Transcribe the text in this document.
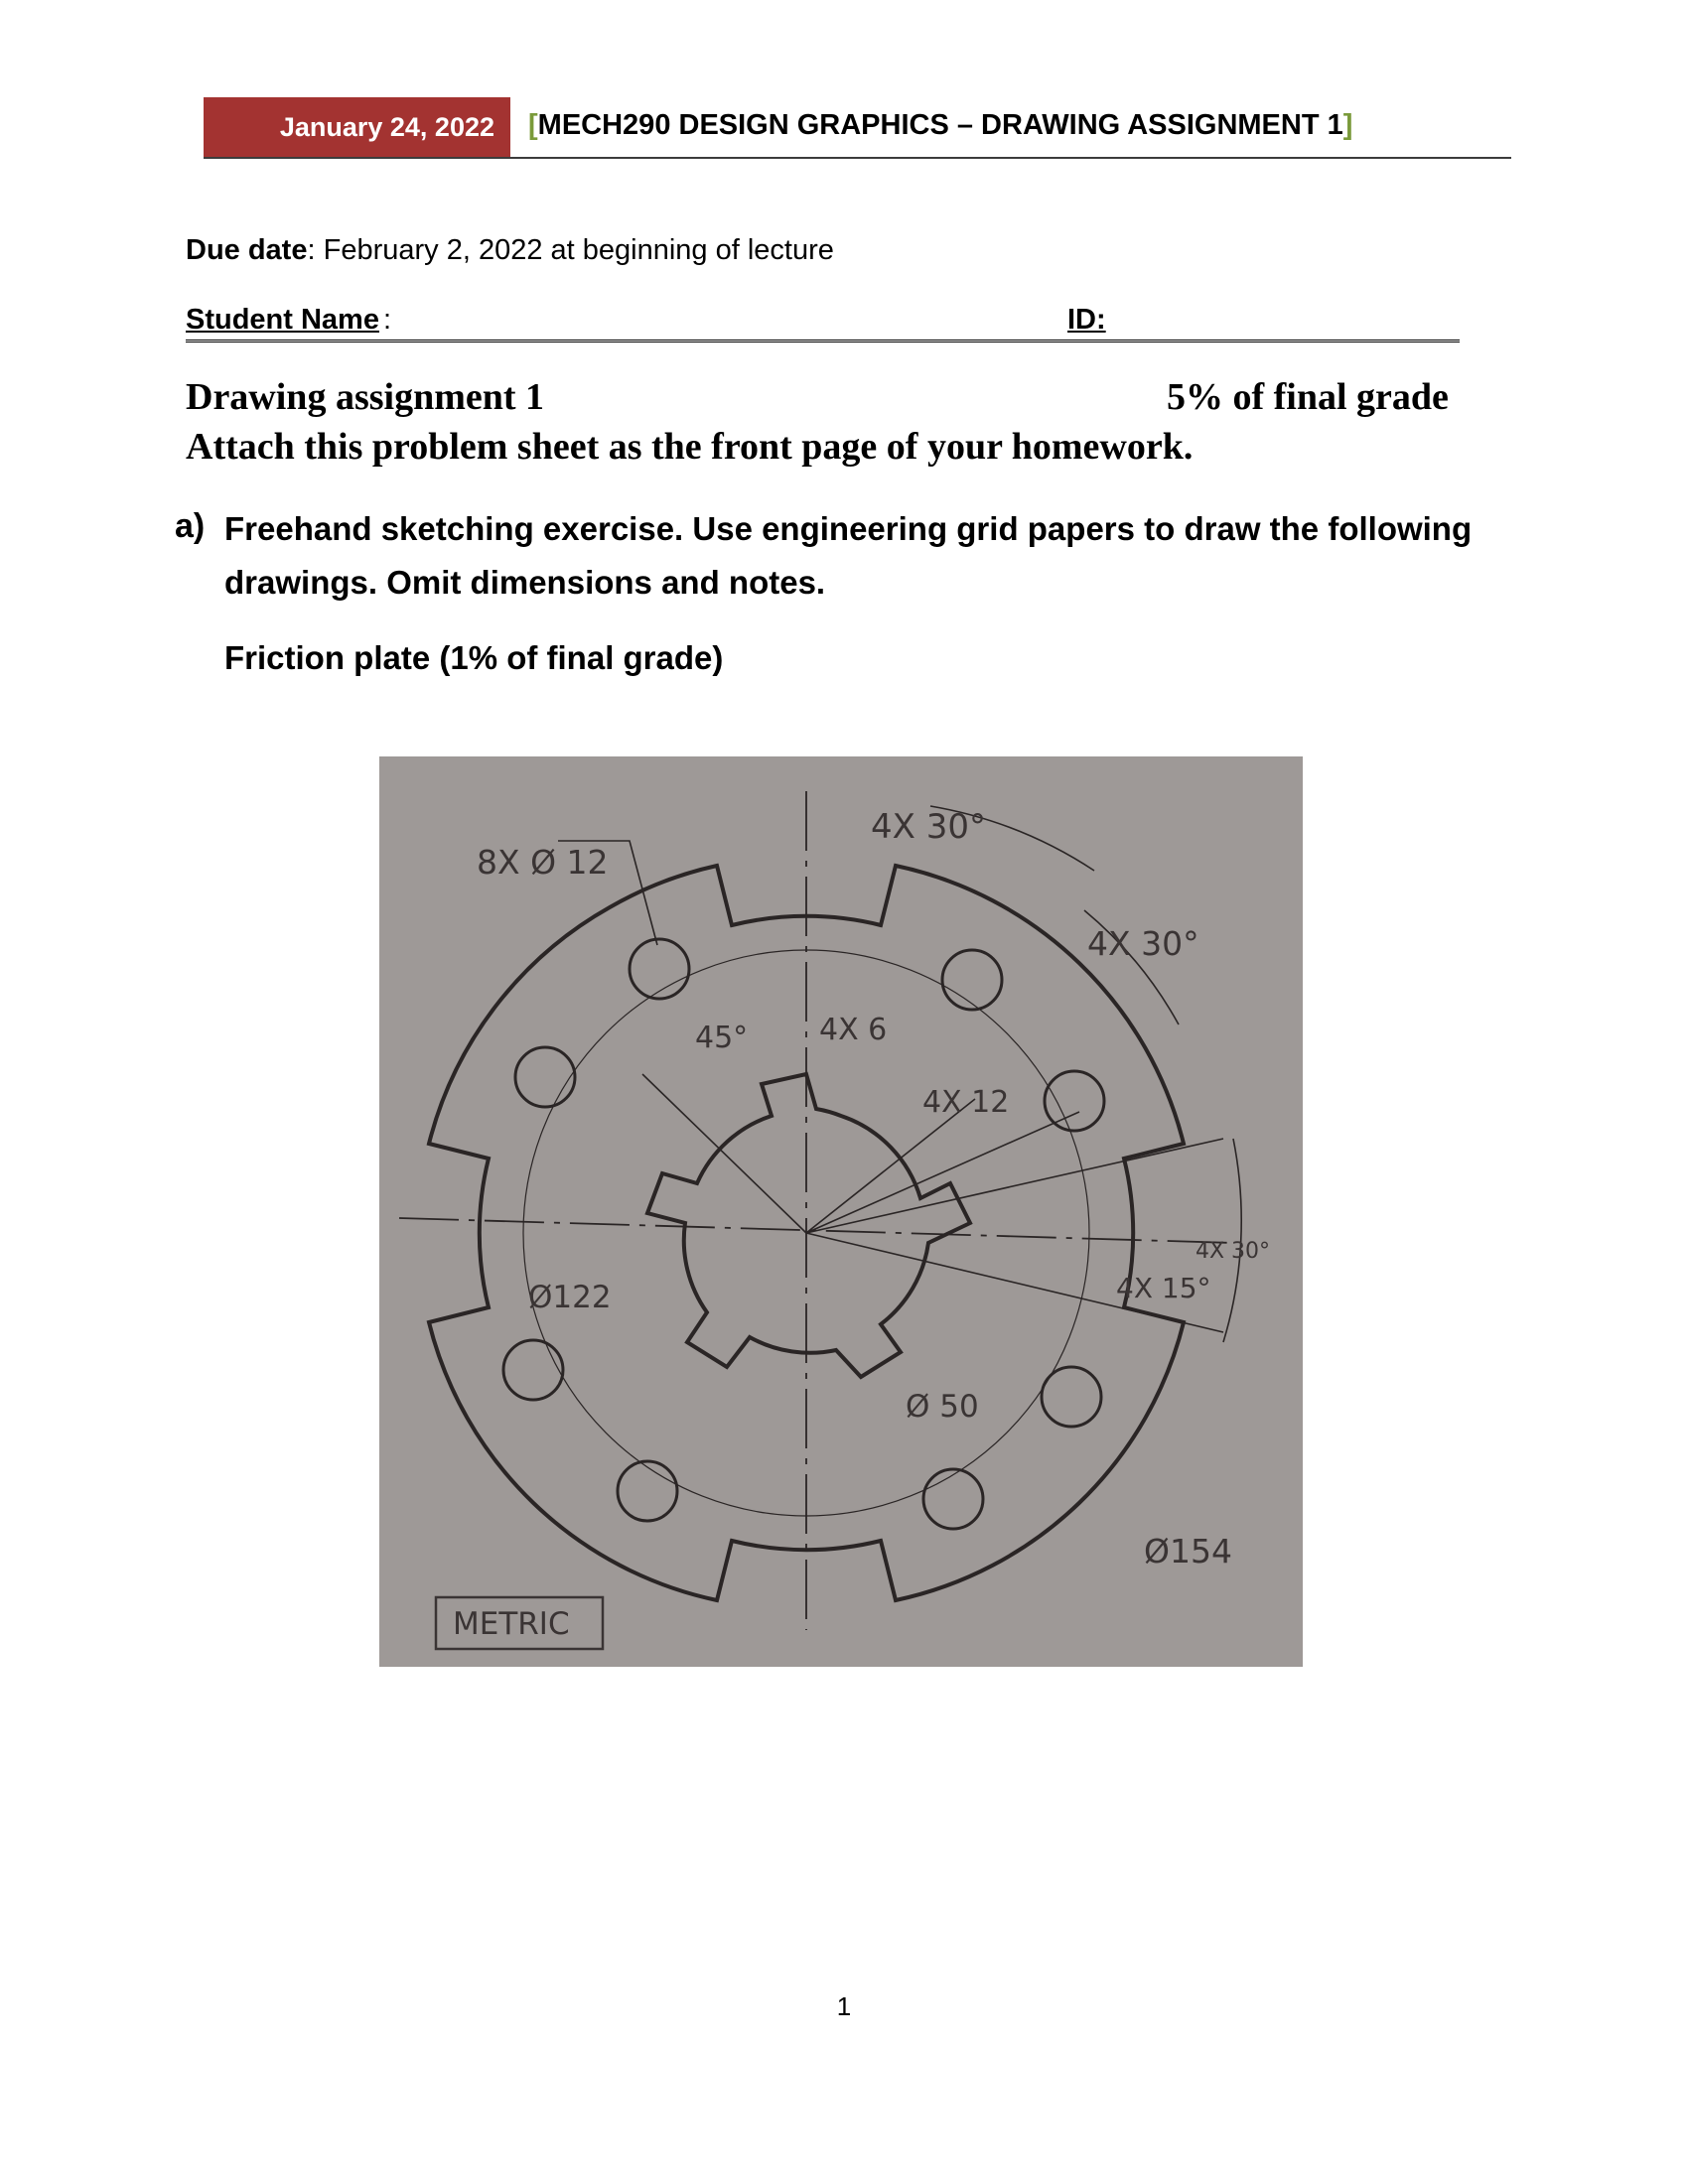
January 24, 2022	[MECH290 DESIGN GRAPHICS – DRAWING ASSIGNMENT 1]
Due date: February 2, 2022 at beginning of lecture
Student Name :	ID:
Drawing assignment 1	5% of final grade
Attach this problem sheet as the front page of your homework.
a) Freehand sketching exercise. Use engineering grid papers to draw the following drawings. Omit dimensions and notes.
Friction plate (1% of final grade)
8X Ø 12
4X 30°
4X 30°
45° 4X 6
4X 12
4X 30°
4X 15°
Ø122
Ø 50
Ø154
METRIC
1
